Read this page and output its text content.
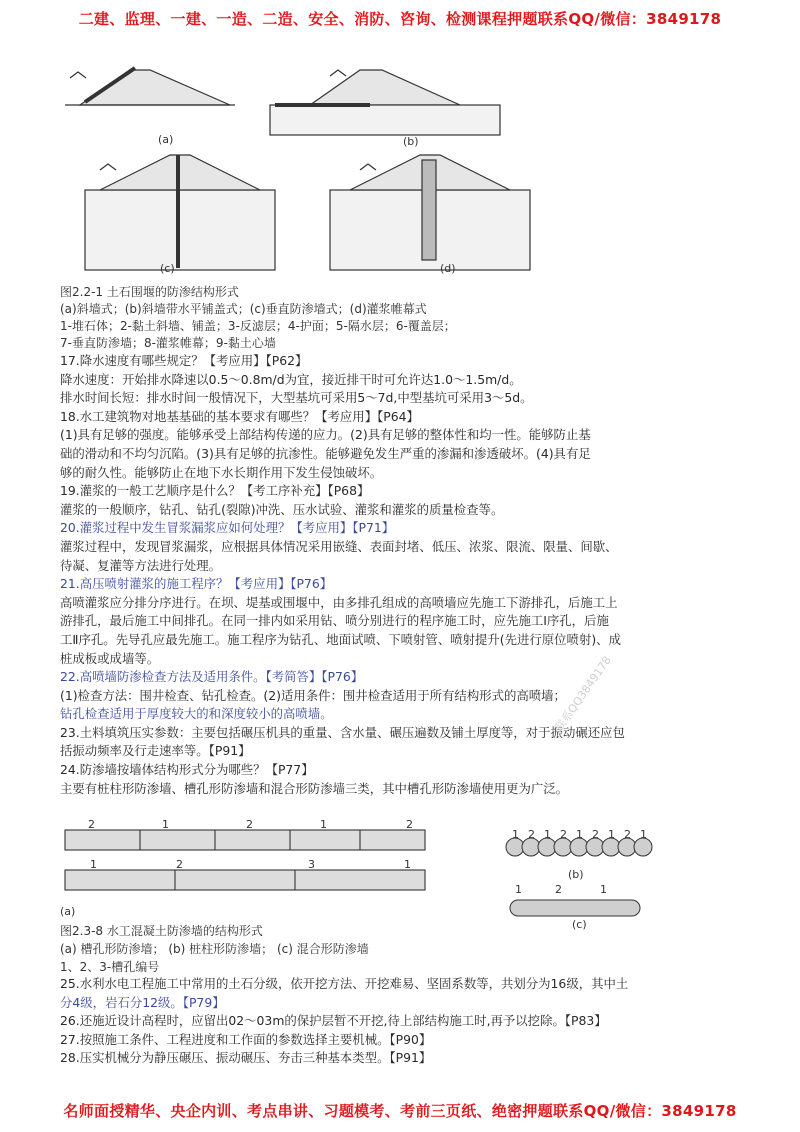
二建、监理、一建、一造、二造、安全、消防、咨询、检测课程押题联系QQ/微信：3849178
(a)	(b)
(c)	(d)
图2.2-1 土石围堰的防渗结构形式
(a)斜墙式；(b)斜墙带水平铺盖式；(c)垂直防渗墙式；(d)灌浆帷幕式
1-堆石体；2-黏土斜墙、铺盖；3-反滤层；4-护面；5-隔水层；6-覆盖层；
7-垂直防渗墙；8-灌浆帷幕；9-黏土心墙
17.降水速度有哪些规定？【考应用】【P62】
降水速度：开始排水降速以0.5～0.8m/d为宜，接近排干时可允许达1.0～1.5m/d。
排水时间长短：排水时间一般情况下，大型基坑可采用5～7d,中型基坑可采用3～5d。
18.水工建筑物对地基基础的基本要求有哪些？【考应用】【P64】
(1)具有足够的强度。能够承受上部结构传递的应力。(2)具有足够的整体性和均一性。能够防止基
础的滑动和不均匀沉陷。(3)具有足够的抗渗性。能够避免发生严重的渗漏和渗透破坏。(4)具有足
够的耐久性。能够防止在地下水长期作用下发生侵蚀破坏。
19.灌浆的一般工艺顺序是什么？【考工序补充】【P68】
灌浆的一般顺序，钻孔、钻孔(裂隙)冲洗、压水试验、灌浆和灌浆的质量检查等。
20.灌浆过程中发生冒浆漏浆应如何处理？【考应用】【P71】
灌浆过程中，发现冒浆漏浆，应根据具体情况采用嵌缝、表面封堵、低压、浓浆、限流、限量、间歇、
待凝、复灌等方法进行处理。
21.高压喷射灌浆的施工程序？【考应用】【P76】
高喷灌浆应分排分序进行。在坝、堤基或围堰中，由多排孔组成的高喷墙应先施工下游排孔，后施工上
游排孔，最后施工中间排孔。在同一排内如采用钻、喷分别进行的程序施工时，应先施工Ⅰ序孔，后施
工Ⅱ序孔。先导孔应最先施工。施工程序为钻孔、地面试喷、下喷射管、喷射提升(先进行原位喷射)、成
桩成板或成墙等。
22.高喷墙防渗检查方法及适用条件。【考简答】【P76】
(1)检查方法：围井检查、钻孔检查。(2)适用条件：围井检查适用于所有结构形式的高喷墙；
钻孔检查适用于厚度较大的和深度较小的高喷墙。
23.土料填筑压实参数：主要包括碾压机具的重量、含水量、碾压遍数及铺土厚度等，对于振动碾还应包
括振动频率及行走速率等。【P91】
24.防渗墙按墙体结构形式分为哪些？【P77】
主要有桩柱形防渗墙、槽孔形防渗墙和混合形防渗墙三类，其中槽孔形防渗墙使用更为广泛。
2	1	2	1	2
1	2	3	1
1 2 1 2 1 2 1 2 1
(b)
1	2	1
(a)
(c)
图2.3-8 水工混凝土防渗墙的结构形式
(a) 槽孔形防渗墙； (b) 桩柱形防渗墙； (c) 混合形防渗墙
1、2、3-槽孔编号
25.水利水电工程施工中常用的土石分级，依开挖方法、开挖难易、坚固系数等，共划分为16级，其中土
分4级，岩石分12级。【P79】
26.还施近设计高程时，应留出02～03m的保护层暂不开挖,待上部结构施工时,再予以挖除。【P83】
27.按照施工条件、工程进度和工作面的参数选择主要机械。【P90】
28.压实机械分为静压碾压、振动碾压、夯击三种基本类型。【P91】
二联系QQ3849178
名师面授精华、央企内训、考点串讲、习题模考、考前三页纸、绝密押题联系QQ/微信：3849178
